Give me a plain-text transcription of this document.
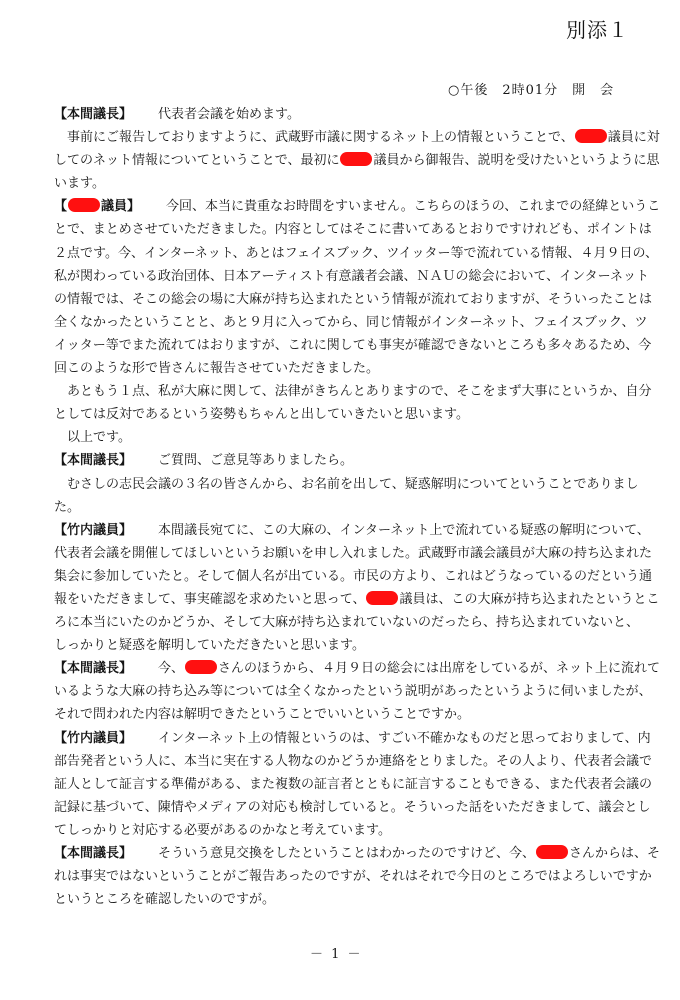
別添１
○午後　2時01分　開　会
【本間議長】 代表者会議を始めます。
事前にご報告しておりますように、武蔵野市議に関するネット上の情報ということで、	議員に対
してのネット情報についてということで、最初に	議員から御報告、説明を受けたいというように思
います。
【	議員】 今回、本当に貴重なお時間をすいません。こちらのほうの、これまでの経緯というこ
とで、まとめさせていただきました。内容としてはそこに書いてあるとおりですけれども、ポイントは
２点です。今、インターネット、あとはフェイスブック、ツイッター等で流れている情報、４月９日の、
私が関わっている政治団体、日本アーティスト有意議者会議、ＮＡＵの総会において、インターネット
の情報では、そこの総会の場に大麻が持ち込まれたという情報が流れておりますが、そういったことは
全くなかったということと、あと９月に入ってから、同じ情報がインターネット、フェイスブック、ツ
イッター等でまた流れてはおりますが、これに関しても事実が確認できないところも多々あるため、今
回このような形で皆さんに報告させていただきました。
あともう１点、私が大麻に関して、法律がきちんとありますので、そこをまず大事にというか、自分
としては反対であるという姿勢もちゃんと出していきたいと思います。
以上です。
【本間議長】 ご質問、ご意見等ありましたら。
むさしの志民会議の３名の皆さんから、お名前を出して、疑惑解明についてということでありまし
た。
【竹内議員】 本間議長宛てに、この大麻の、インターネット上で流れている疑惑の解明について、
代表者会議を開催してほしいというお願いを申し入れました。武蔵野市議会議員が大麻の持ち込まれた
集会に参加していたと。そして個人名が出ている。市民の方より、これはどうなっているのだという通
報をいただきまして、事実確認を求めたいと思って、	議員は、この大麻が持ち込まれたというとこ
ろに本当にいたのかどうか、そして大麻が持ち込まれていないのだったら、持ち込まれていないと、
しっかりと疑惑を解明していただきたいと思います。
【本間議長】 今、	さんのほうから、４月９日の総会には出席をしているが、ネット上に流れて
いるような大麻の持ち込み等については全くなかったという説明があったというように伺いましたが、
それで問われた内容は解明できたということでいいということですか。
【竹内議員】 インターネット上の情報というのは、すごい不確かなものだと思っておりまして、内
部告発者という人に、本当に実在する人物なのかどうか連絡をとりました。その人より、代表者会議で
証人として証言する準備がある、また複数の証言者とともに証言することもできる、また代表者会議の
記録に基づいて、陳情やメディアの対応も検討していると。そういった話をいただきまして、議会とし
てしっかりと対応する必要があるのかなと考えています。
【本間議長】 そういう意見交換をしたということはわかったのですけど、今、	さんからは、そ
れは事実ではないということがご報告あったのですが、それはそれで今日のところではよろしいですか
というところを確認したいのですが。
－ 1 －
